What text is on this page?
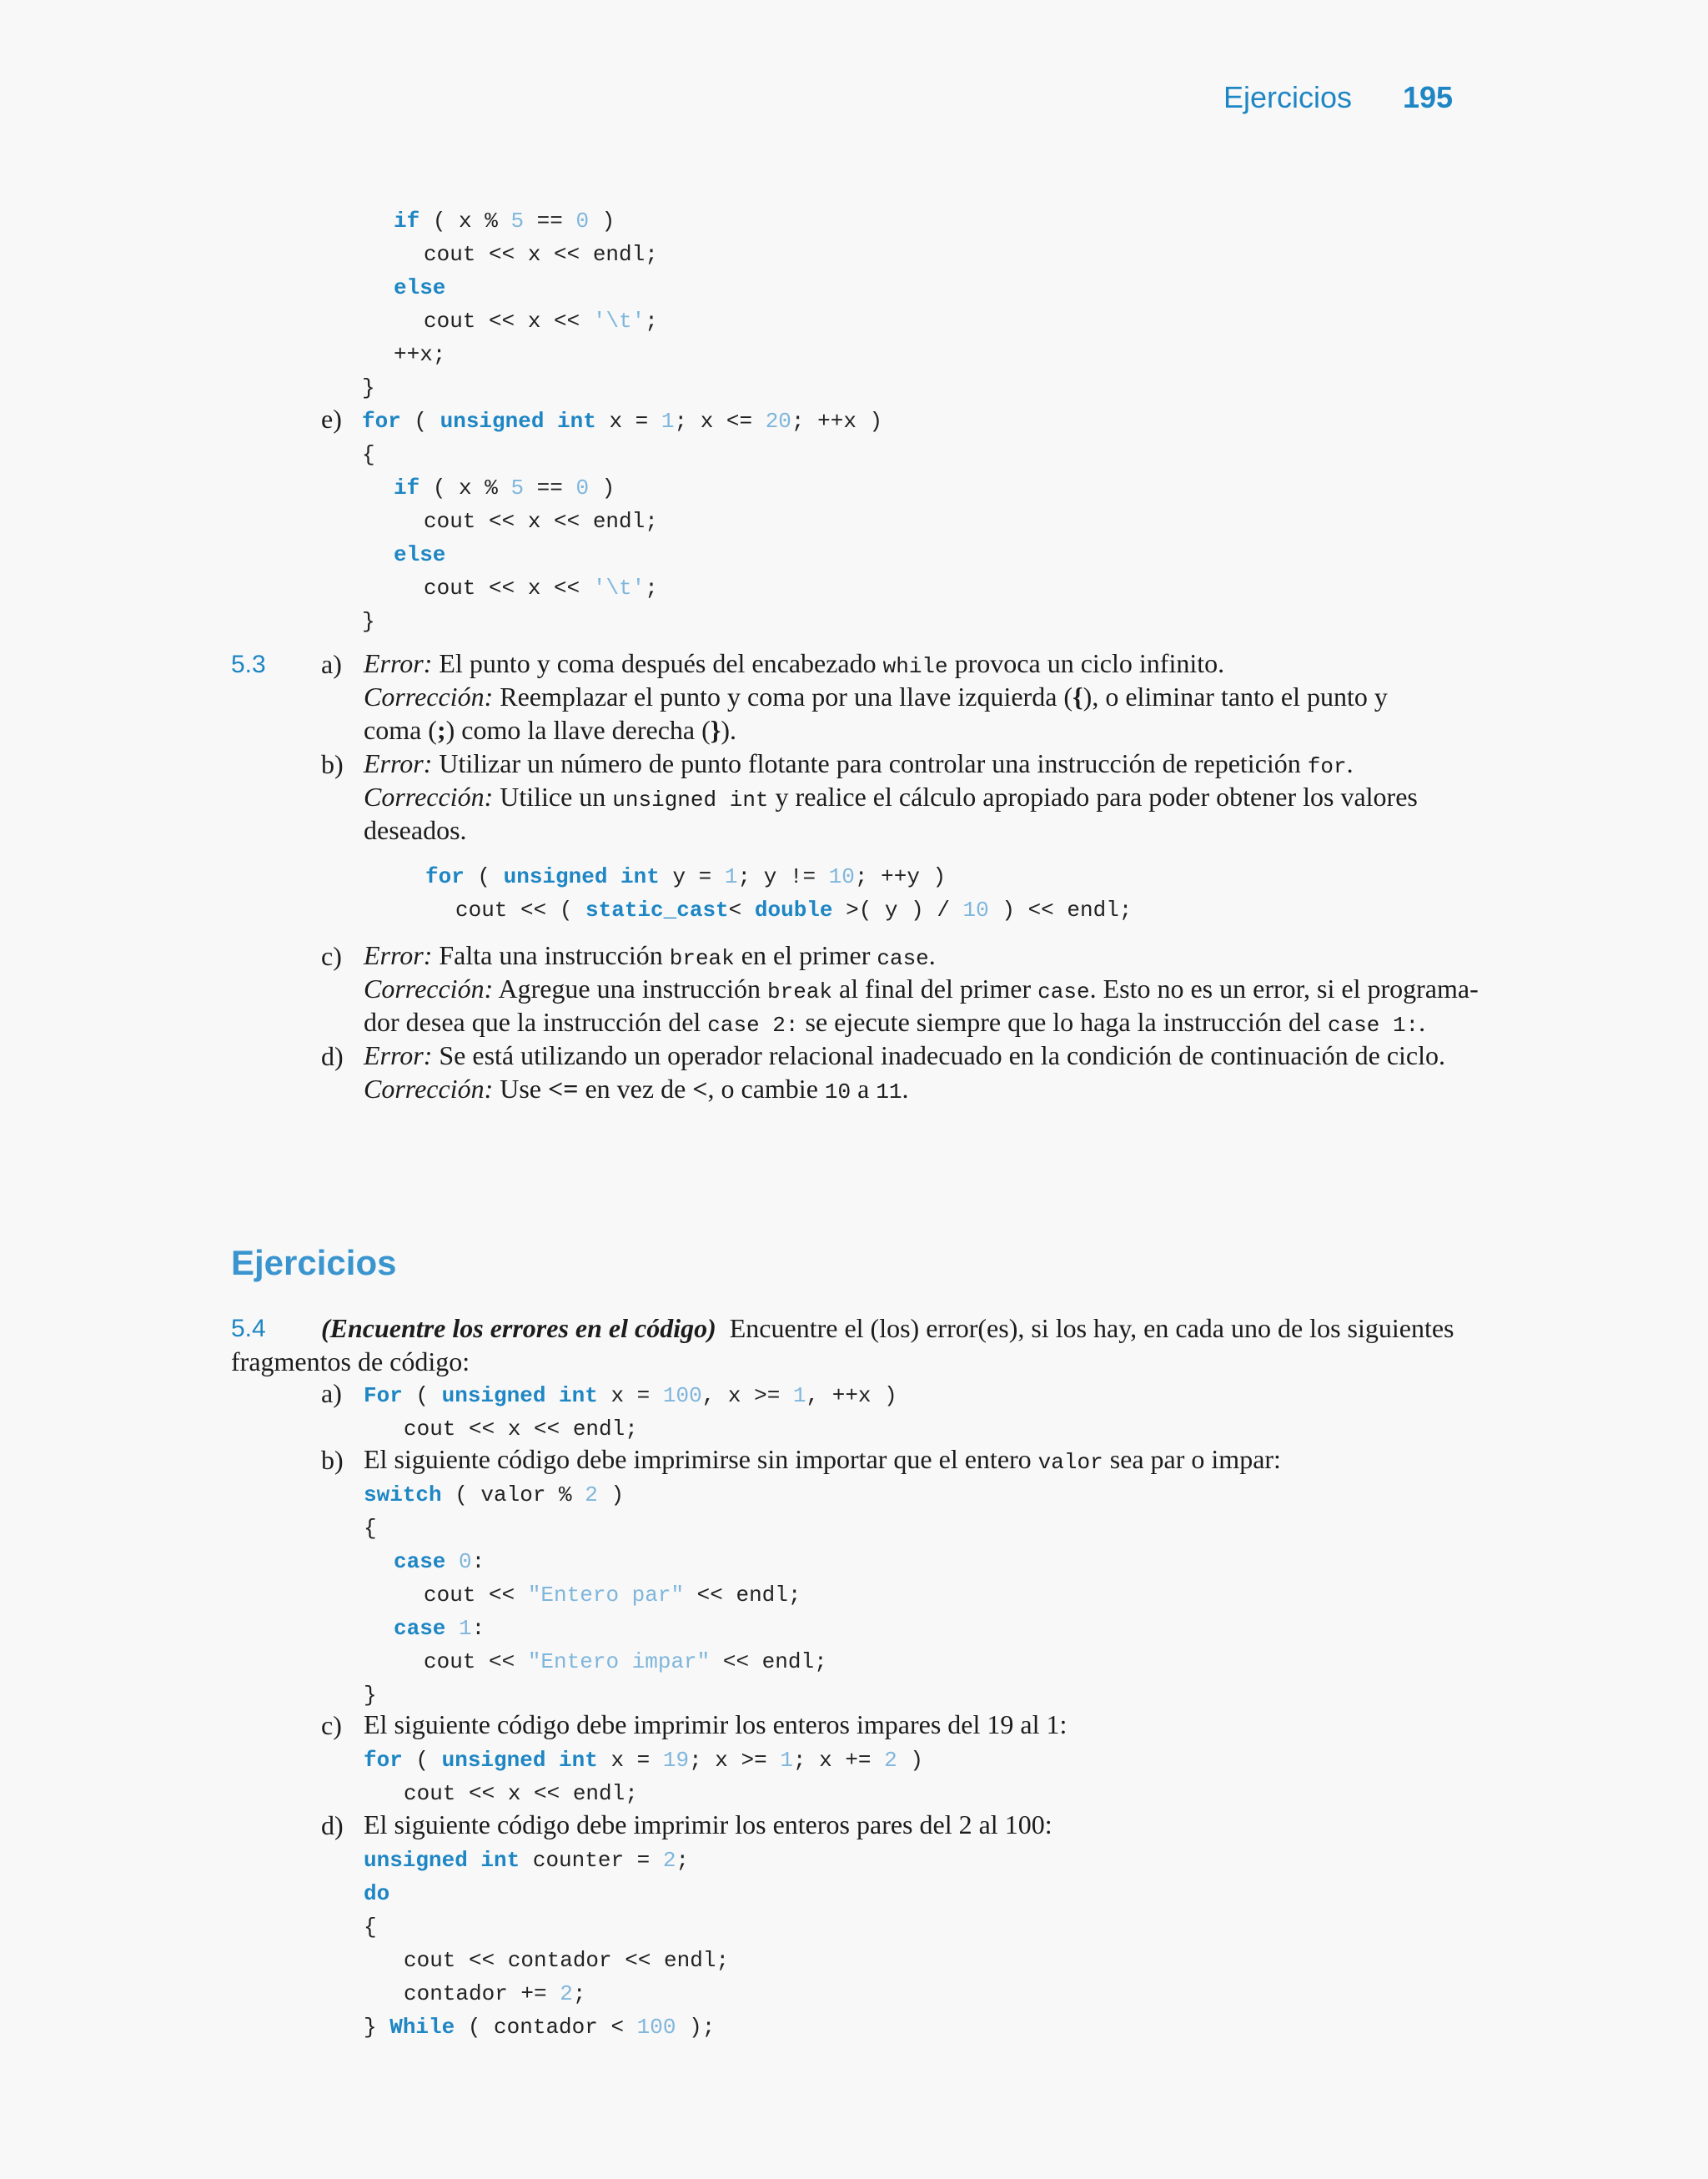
Ejercicios 195
if ( x % 5 == 0 )
cout << x << endl;
else
cout << x << '\t';
++x;
}
e) for ( unsigned int x = 1; x <= 20; ++x )
{
if ( x % 5 == 0 )
cout << x << endl;
else
cout << x << '\t';
}
5.3 a) Error: El punto y coma después del encabezado while provoca un ciclo infinito.
Corrección: Reemplazar el punto y coma por una llave izquierda ({), o eliminar tanto el punto y
coma (;) como la llave derecha (}).
b) Error: Utilizar un número de punto flotante para controlar una instrucción de repetición for.
Corrección: Utilice un unsigned int y realice el cálculo apropiado para poder obtener los valores
deseados.
for ( unsigned int y = 1; y != 10; ++y )
cout << ( static_cast< double >( y ) / 10 ) << endl;
c) Error: Falta una instrucción break en el primer case.
Corrección: Agregue una instrucción break al final del primer case. Esto no es un error, si el programa-
dor desea que la instrucción del case 2: se ejecute siempre que lo haga la instrucción del case 1:.
d) Error: Se está utilizando un operador relacional inadecuado en la condición de continuación de ciclo.
Corrección: Use <= en vez de <, o cambie 10 a 11.
Ejercicios
5.4 (Encuentre los errores en el código)  Encuentre el (los) error(es), si los hay, en cada uno de los siguientes
fragmentos de código:
a) For ( unsigned int x = 100, x >= 1, ++x )
cout << x << endl;
b) El siguiente código debe imprimirse sin importar que el entero valor sea par o impar:
switch ( valor % 2 )
{
case 0:
cout << "Entero par" << endl;
case 1:
cout << "Entero impar" << endl;
}
c) El siguiente código debe imprimir los enteros impares del 19 al 1:
for ( unsigned int x = 19; x >= 1; x += 2 )
cout << x << endl;
d) El siguiente código debe imprimir los enteros pares del 2 al 100:
unsigned int counter = 2;
do
{
cout << contador << endl;
contador += 2;
} While ( contador < 100 );
